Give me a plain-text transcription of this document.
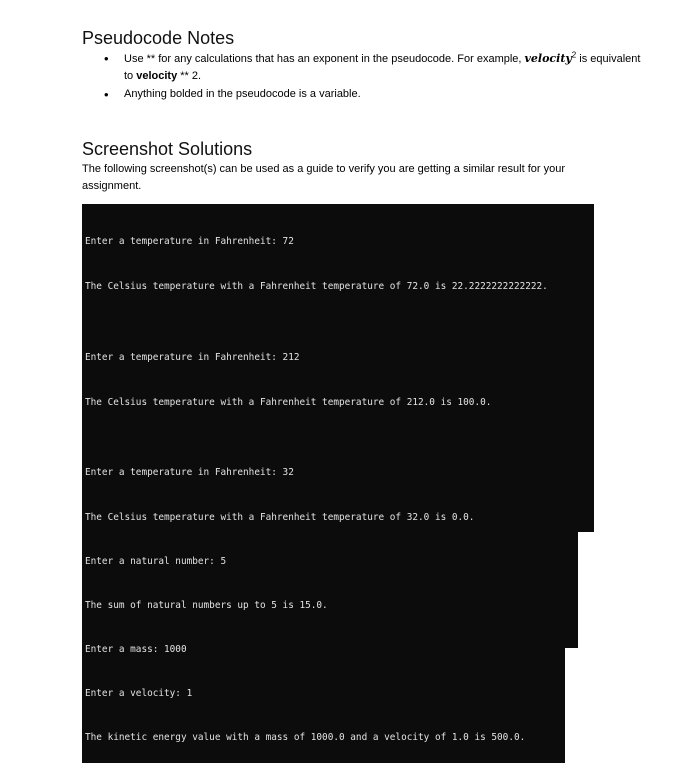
Pseudocode Notes
• Use ** for any calculations that has an exponent in the pseudocode. For example, velocity$^2$ is equivalent to velocity ** 2.
• Anything bolded in the pseudocode is a variable.
Screenshot Solutions

The following screenshot(s) can be used as a guide to verify you are getting a similar result for your assignment.

Enter a temperature in Fahrenheit: 72

The Celsius temperature with a Fahrenheit temperature of 72.0 is 22.2222222222222.

Enter a temperature in Fahrenheit: 212

The Celsius temperature with a Fahrenheit temperature of 212.0 is 100.0.

Enter a temperature in Fahrenheit: 32

The Celsius temperature with a Fahrenheit temperature of 32.0 is 0.0.

Enter a natural number: 5

The sum of natural numbers up to 5 is 15.0.

Enter a mass: 1000

Enter a velocity: 1

The kinetic energy value with a mass of 1000.0 and a velocity of 1.0 is 500.0.
